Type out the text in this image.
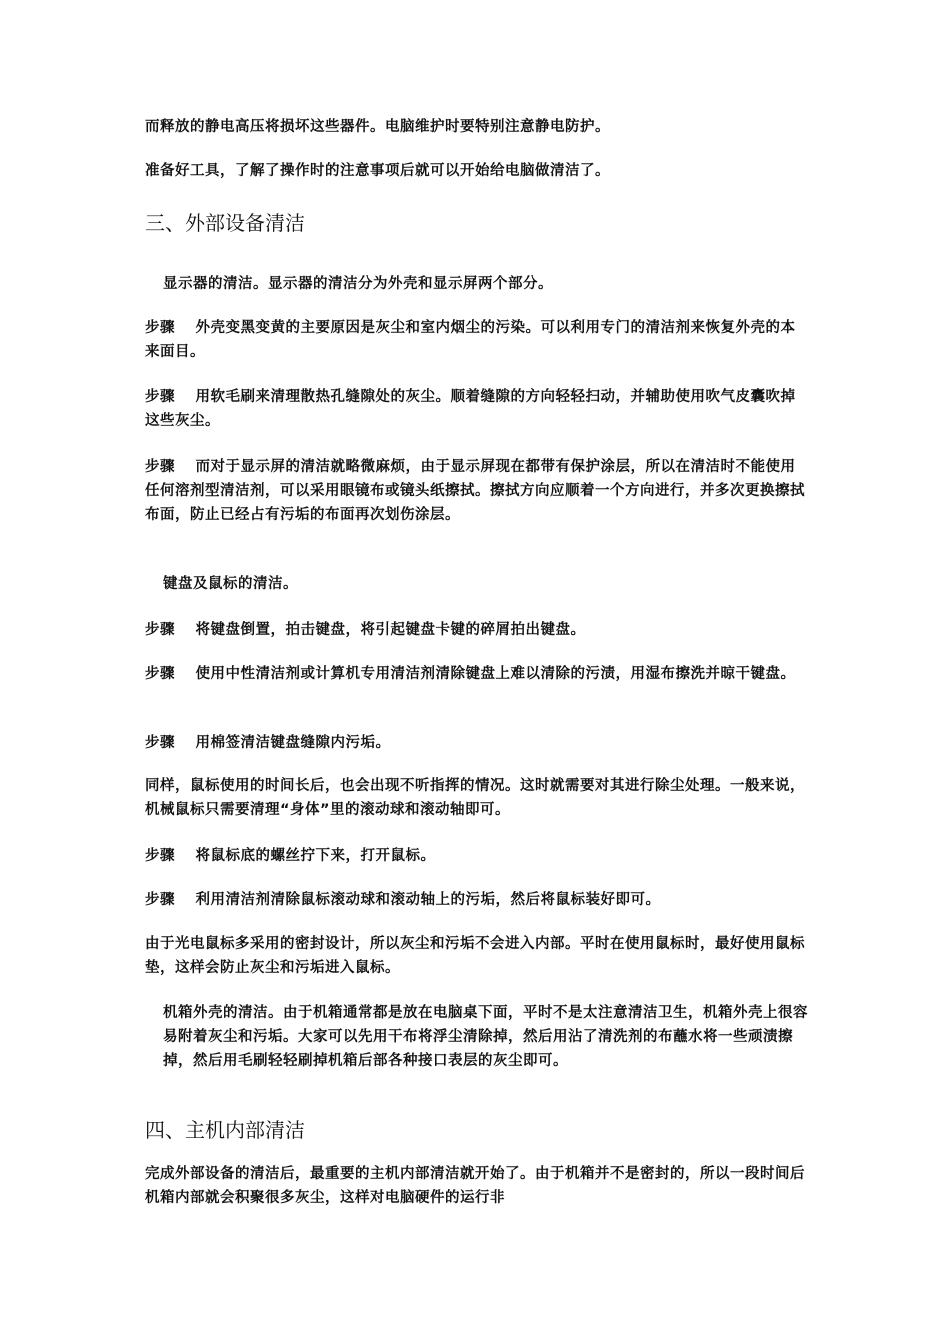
而释放的静电高压将损坏这些器件。电脑维护时要特别注意静电防护。

准备好工具，了解了操作时的注意事项后就可以开始给电脑做清洁了。

三、外部设备清洁

显示器的清洁。显示器的清洁分为外壳和显示屏两个部分。

步骤　 外壳变黑变黄的主要原因是灰尘和室内烟尘的污染。可以利用专门的清洁剂来恢复外壳的本来面目。

步骤　 用软毛刷来清理散热孔缝隙处的灰尘。顺着缝隙的方向轻轻扫动，并辅助使用吹气皮囊吹掉这些灰尘。

步骤　 而对于显示屏的清洁就略微麻烦，由于显示屏现在都带有保护涂层，所以在清洁时不能使用任何溶剂型清洁剂，可以采用眼镜布或镜头纸擦拭。擦拭方向应顺着一个方向进行，并多次更换擦拭布面，防止已经占有污垢的布面再次划伤涂层。

键盘及鼠标的清洁。

步骤　 将键盘倒置，拍击键盘，将引起键盘卡键的碎屑拍出键盘。

步骤　 使用中性清洁剂或计算机专用清洁剂清除键盘上难以清除的污渍，用湿布擦洗并晾干键盘。

步骤　 用棉签清洁键盘缝隙内污垢。

同样，鼠标使用的时间长后，也会出现不听指挥的情况。这时就需要对其进行除尘处理。一般来说，机械鼠标只需要清理“身体”里的滚动球和滚动轴即可。

步骤　 将鼠标底的螺丝拧下来，打开鼠标。

步骤　 利用清洁剂清除鼠标滚动球和滚动轴上的污垢，然后将鼠标装好即可。

由于光电鼠标多采用的密封设计，所以灰尘和污垢不会进入内部。平时在使用鼠标时，最好使用鼠标垫，这样会防止灰尘和污垢进入鼠标。

机箱外壳的清洁。由于机箱通常都是放在电脑桌下面，平时不是太注意清洁卫生，机箱外壳上很容易附着灰尘和污垢。大家可以先用干布将浮尘清除掉，然后用沾了清洗剂的布蘸水将一些顽渍擦掉，然后用毛刷轻轻刷掉机箱后部各种接口表层的灰尘即可。

四、主机内部清洁

完成外部设备的清洁后，最重要的主机内部清洁就开始了。由于机箱并不是密封的，所以一段时间后机箱内部就会积聚很多灰尘，这样对电脑硬件的运行非
